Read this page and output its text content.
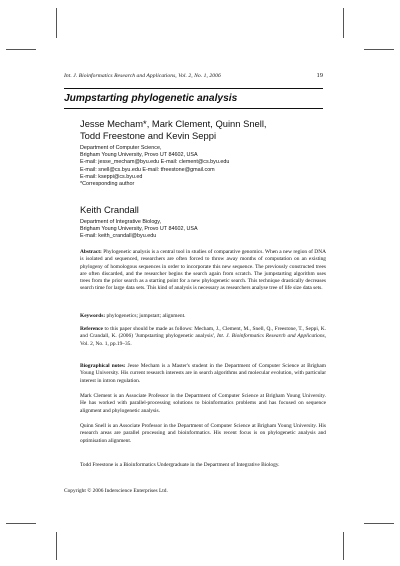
Int. J. Bioinformatics Research and Applications, Vol. 2, No. 1, 2006	19
Jumpstarting phylogenetic analysis
Jesse Mecham*, Mark Clement, Quinn Snell,
Todd Freestone and Kevin Seppi
Department of Computer Science,
Brigham Young University, Provo UT 84602, USA
E-mail: jesse_mecham@byu.edu E-mail: clement@cs.byu.edu
E-mail: snell@cs.byu.edu E-mail: tfreestone@gmail.com
E-mail: kseppi@cs.byu.ed
*Corresponding author
Keith Crandall
Department of Integrative Biology,
Brigham Young University, Provo UT 84602, USA
E-mail: keith_crandall@byu.edu
Abstract: Phylogenetic analysis is a central tool in studies of comparative genomics. When a new region of DNA is isolated and sequenced, researchers are often forced to throw away months of computation on an existing phylogeny of homologous sequences in order to incorporate this new sequence. The previously constructed trees are often discarded, and the researcher begins the search again from scratch. The jumpstarting algorithm uses trees from the prior search as a starting point for a new phylogenetic search. This technique drastically decreases search time for large data sets. This kind of analysis is necessary as researchers analyse tree of life size data sets.
Keywords: phylogenetics; jumpstart; alignment.
Reference to this paper should be made as follows: Mecham, J., Clement, M., Snell, Q., Freestone, T., Seppi, K. and Crandall, K. (2006) 'Jumpstarting phylogenetic analysis', Int. J. Bioinformatics Research and Applications, Vol. 2, No. 1, pp.19–35.
Biographical notes: Jesse Mecham is a Master's student in the Department of Computer Science at Brigham Young University. His current research interests are in search algorithms and molecular evolution, with particular interest in intron regulation.
Mark Clement is an Associate Professor in the Department of Computer Science at Brigham Young University. He has worked with parallel-processing solutions to bioinformatics problems and has focused on sequence alignment and phylogenetic analysis.
Quinn Snell is an Associate Professor in the Department of Computer Science at Brigham Young University. His research areas are parallel processing and bioinformatics. His recent focus is on phylogenetic analysis and optimisation alignment.
Todd Freestone is a Bioinformatics Undergraduate in the Department of Integrative Biology.
Copyright © 2006 Inderscience Enterprises Ltd.
